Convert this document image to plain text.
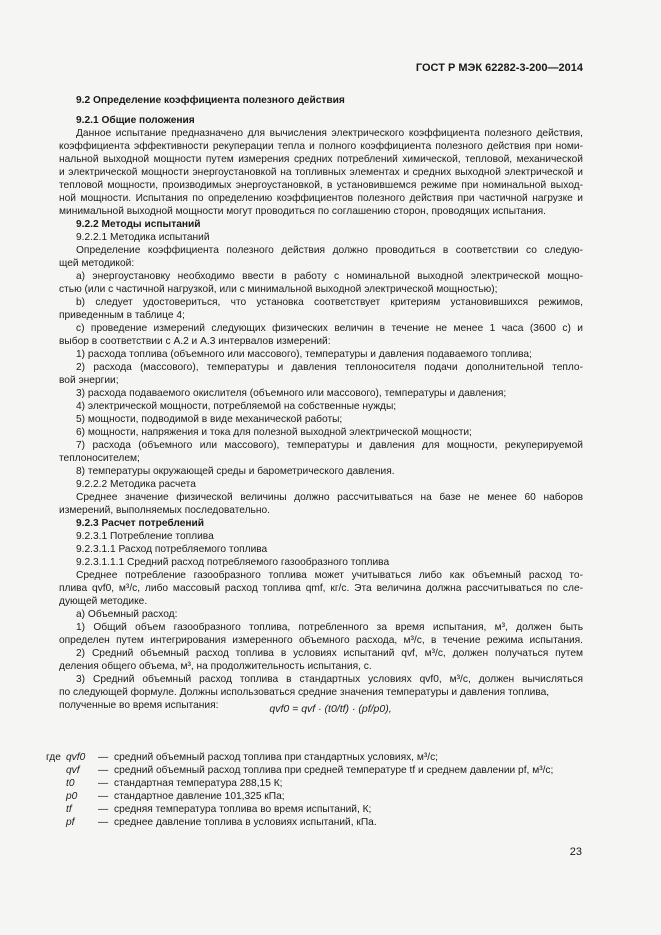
ГОСТ Р МЭК 62282-3-200—2014
9.2 Определение коэффициента полезного действия
9.2.1 Общие положения
Данное испытание предназначено для вычисления электрического коэффициента полезного действия,
коэффициента эффективности рекуперации тепла и полного коэффициента полезного действия при номи-
нальной выходной мощности путем измерения средних потреблений химической, тепловой, механической
и электрической мощности энергоустановкой на топливных элементах и средних выходной электрической и
тепловой мощности, производимых энергоустановкой, в установившемся режиме при номинальной выход-
ной мощности. Испытания по определению коэффициентов полезного действия при частичной нагрузке и
минимальной выходной мощности могут проводиться по соглашению сторон, проводящих испытания.
9.2.2 Методы испытаний
9.2.2.1 Методика испытаний
Определение коэффициента полезного действия должно проводиться в соответствии со следую-
щей методикой:
a) энергоустановку необходимо ввести в работу с номинальной выходной электрической мощно-
стью (или с частичной нагрузкой, или с минимальной выходной электрической мощностью);
b) следует удостовериться, что установка соответствует критериям установившихся режимов,
приведенным в таблице 4;
c) проведение измерений следующих физических величин в течение не менее 1 часа (3600 с) и
выбор в соответствии с А.2 и А.3 интервалов измерений:
1) расхода топлива (объемного или массового), температуры и давления подаваемого топлива;
2) расхода (массового), температуры и давления теплоносителя подачи дополнительной тепло-
вой энергии;
3) расхода подаваемого окислителя (объемного или массового), температуры и давления;
4) электрической мощности, потребляемой на собственные нужды;
5) мощности, подводимой в виде механической работы;
6) мощности, напряжения и тока для полезной выходной электрической мощности;
7) расхода (объемного или массового), температуры и давления для мощности, рекуперируемой
теплоносителем;
8) температуры окружающей среды и барометрического давления.
9.2.2.2 Методика расчета
Среднее значение физической величины должно рассчитываться на базе не менее 60 наборов
измерений, выполняемых последовательно.
9.2.3 Расчет потреблений
9.2.3.1 Потребление топлива
9.2.3.1.1 Расход потребляемого топлива
9.2.3.1.1.1 Средний расход потребляемого газообразного топлива
Среднее потребление газообразного топлива может учитываться либо как объемный расход то-
плива qvf0, м³/с, либо массовый расход топлива qmf, кг/с. Эта величина должна рассчитываться по сле-
дующей методике.
a) Объемный расход:
1) Общий объем газообразного топлива, потребленного за время испытания, м³, должен быть
определен путем интегрирования измеренного объемного расхода, м³/с, в течение режима испытания.
2) Средний объемный расход топлива в условиях испытаний qvf, м³/с, должен получаться путем
деления общего объема, м³, на продолжительность испытания, с.
3) Средний объемный расход топлива в стандартных условиях qvf0, м³/с, должен вычисляться
по следующей формуле. Должны использоваться средние значения температуры и давления топлива,
полученные во время испытания:	qvf0 = qvf · (t0/tf) · (pf/p0),
где qvf0 — средний объемный расход топлива при стандартных условиях, м³/с;
qvf — средний объемный расход топлива при средней температуре tf и среднем давлении pf, м³/с;
t0 — стандартная температура 288,15 К;
p0 — стандартное давление 101,325 кПа;
tf	— средняя температура топлива во время испытаний, К;
pf — среднее давление топлива в условиях испытаний, кПа.
23
